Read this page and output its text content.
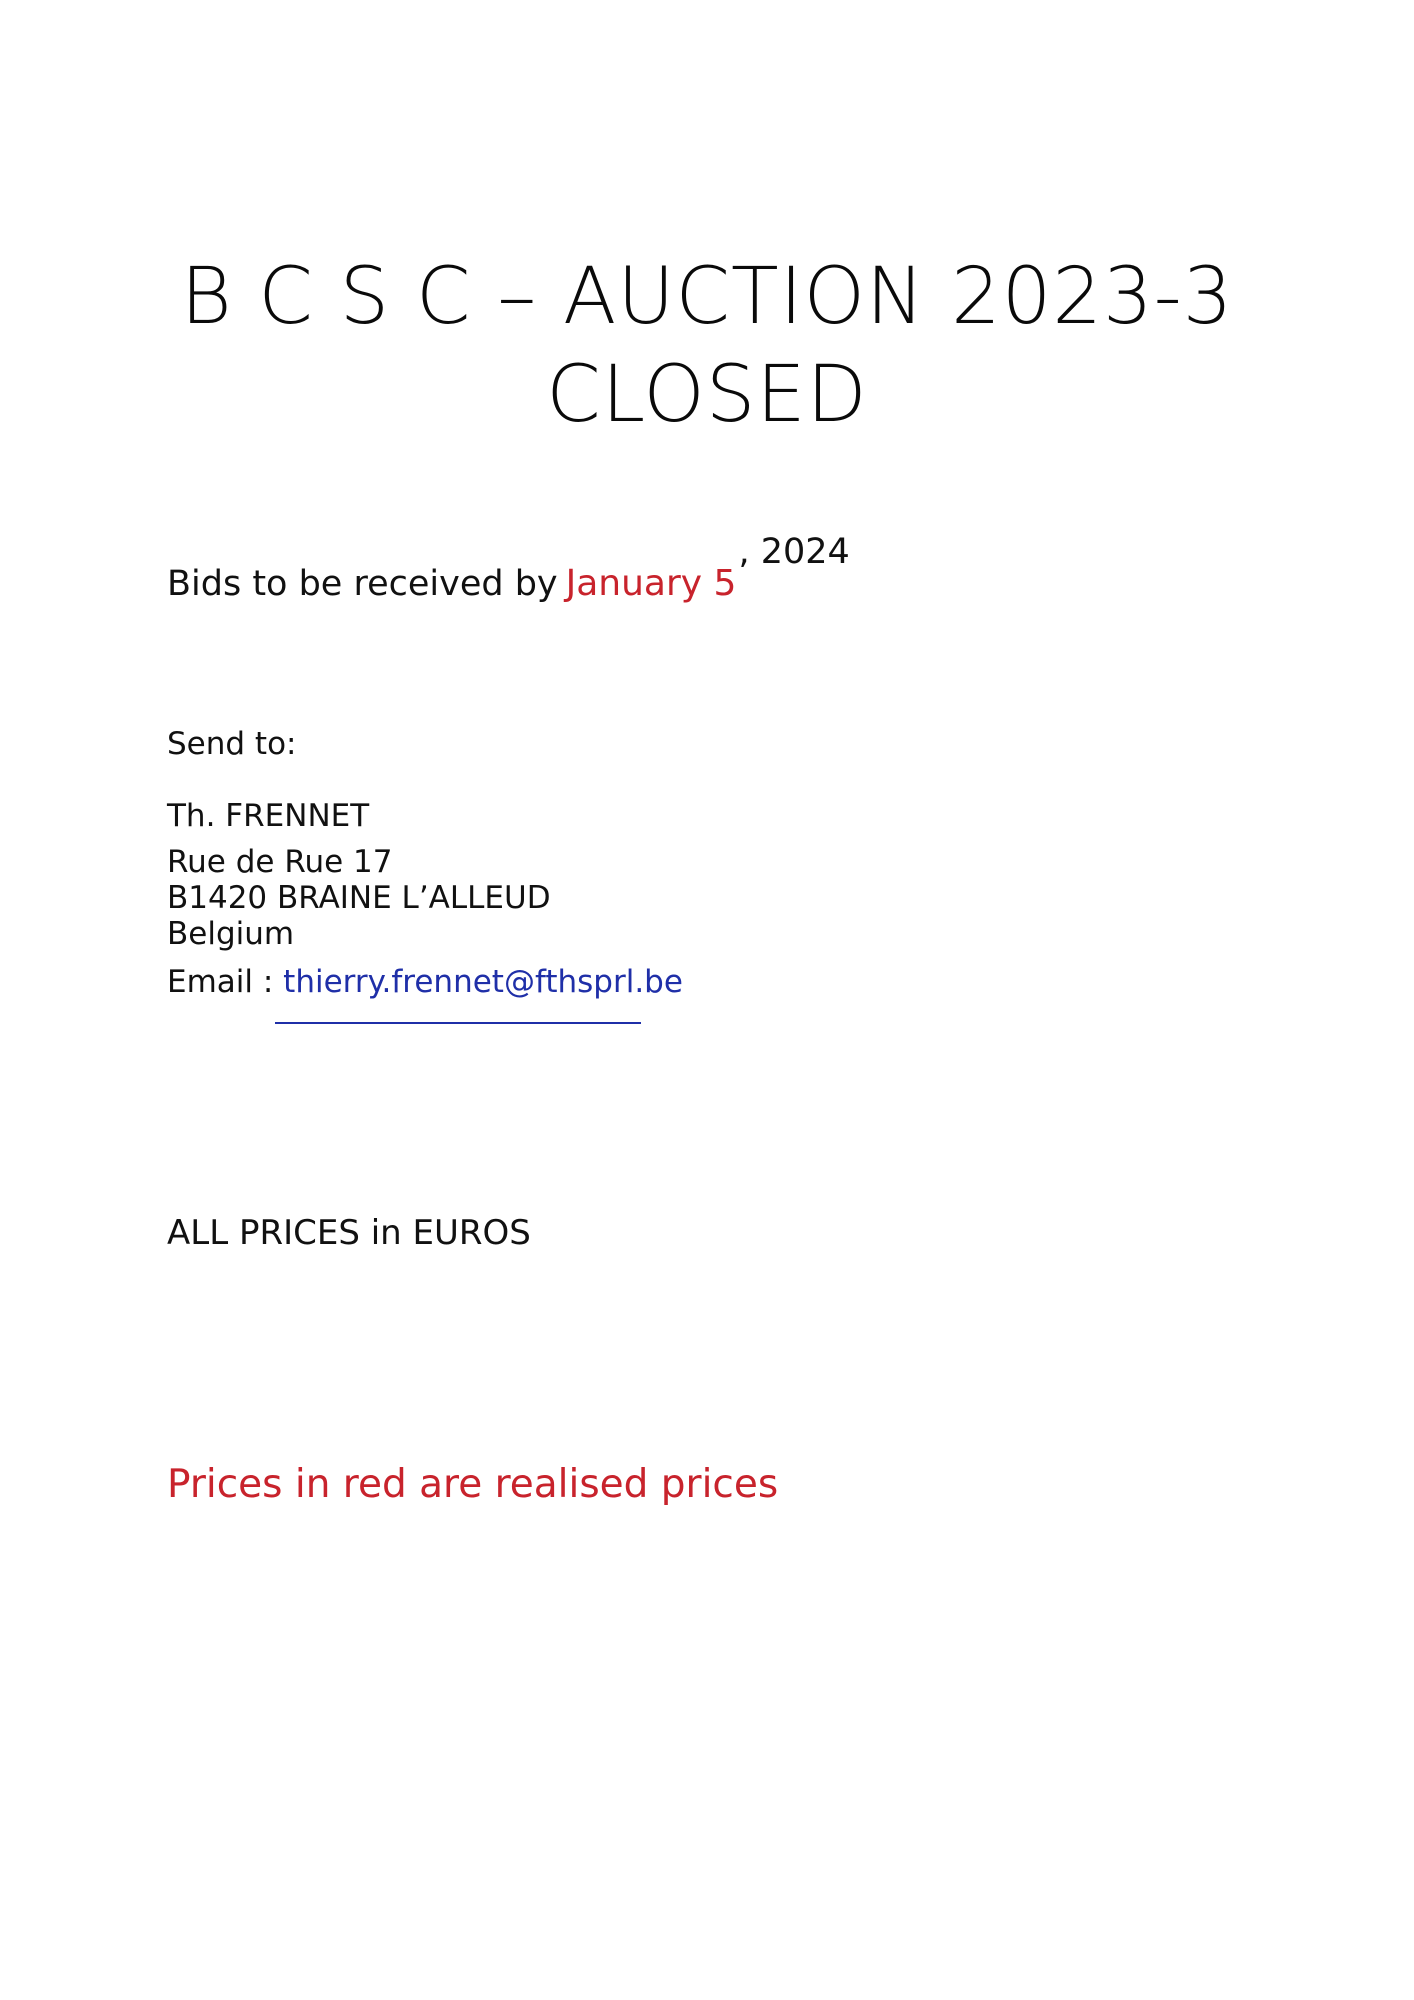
B C S C – AUCTION 2023-3
CLOSED
Bids to be received by January 5, 2024
Send to:
Th. FRENNET
Rue de Rue 17
B1420 BRAINE L’ALLEUD
Belgium
Email : thierry.frennet@fthsprl.be
ALL PRICES in EUROS
Prices in red are realised prices
